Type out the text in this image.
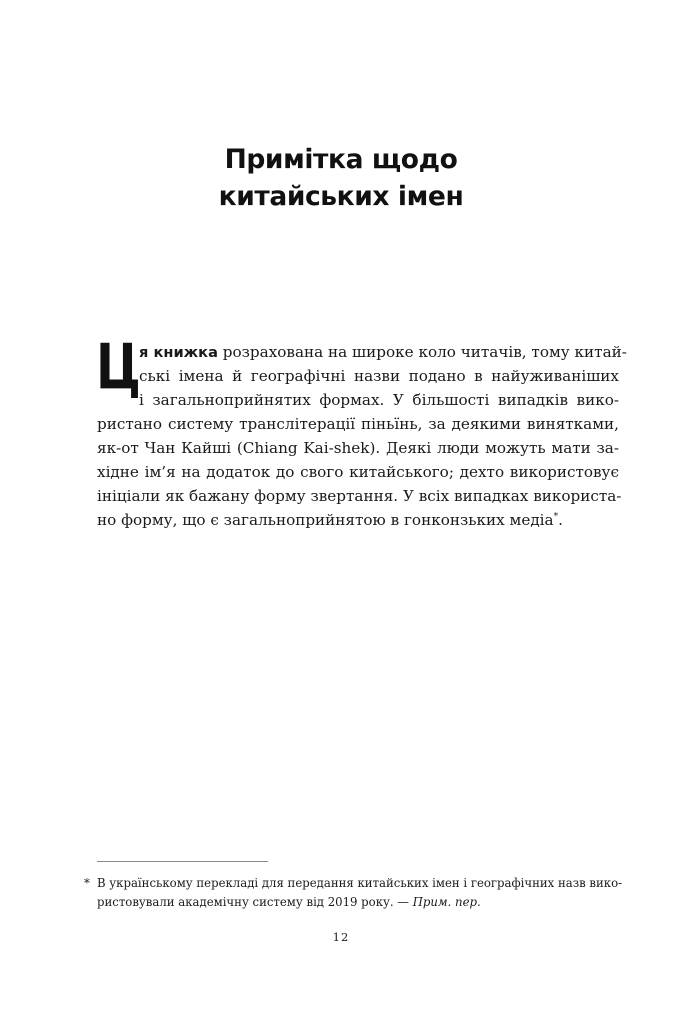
Примітка щодо
китайських імен
Ц
я книжка розрахована на широке коло читачів, тому китай-
ські імена й географічні назви подано в найуживаніших
і загальноприйнятих формах. У більшості випадків вико-
ристано систему транслітерації піньїнь, за деякими винятками,
як-от Чан Кайші (Chiang Kai-shek). Деякі люди можуть мати за-
хідне ім’я на додаток до свого китайського; дехто використовує
ініціали як бажану форму звертання. У всіх випадках використа-
но форму, що є загальноприйнятою в гонконзьких медіа*.
* В українському перекладі для передання китайських імен і географічних назв вико-
ристовували академічну систему від 2019 року. — Прим. пер.
12
